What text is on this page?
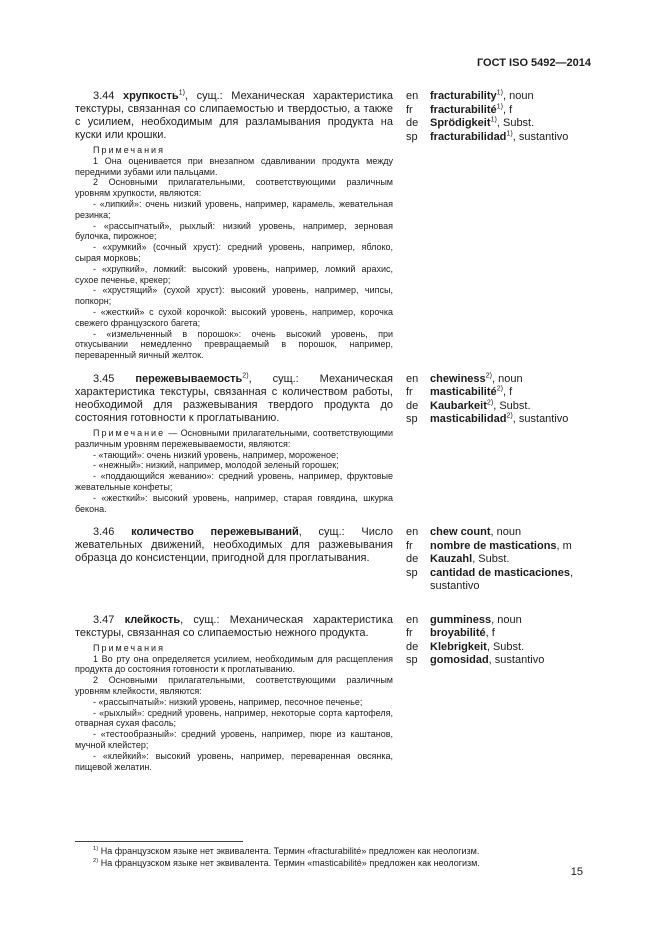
ГОСТ ISO 5492—2014

3.44 хрупкость$^{1)}$, сущ.: Механическая характеристика текстуры, связанная со слипаемостью и твердостью, а также с усилием, необходимым для разламывания продукта на куски или крошки.

Примечания

1 Она оценивается при внезапном сдавливании продукта между передними зубами или пальцами.

2 Основными прилагательными, соответствующими различным уровням хрупкости, являются:

- «липкий»: очень низкий уровень, например, карамель, жевательная резинка;

- «рассыпчатый», рыхлый: низкий уровень, например, зерновая булочка, пирожное;

- «хрумкий» (сочный хруст): средний уровень, например, яблоко, сырая морковь;

- «хрупкий», ломкий: высокий уровень, например, ломкий арахис, сухое печенье, крекер;

- «хрустящий» (сухой хруст): высокий уровень, например, чипсы, попкорн;

- «жесткий» с сухой корочкой: высокий уровень, например, корочка свежего французского багета;

- «измельченный в порошок»: очень высокий уровень, при откусывании немедленно превращаемый в порошок, например, переваренный яичный желток.

en	fracturability$^{1)}$, noun
fr	fracturabilité$^{1)}$, f
de	Sprödigkeit$^{1)}$, Subst.
sp	fracturabilidad$^{1)}$, sustantivo

3.45 пережевываемость$^{2)}$, сущ.: Механическая характеристика текстуры, связанная с количеством работы, необходимой для разжевывания твердого продукта до состояния готовности к проглатыванию.

Примечание — Основными прилагательными, соответствующими различным уровням пережевываемости, являются:

- «тающий»: очень низкий уровень, например, мороженое;

- «нежный»: низкий, например, молодой зеленый горошек;

- «поддающийся жеванию»: средний уровень, например, фруктовые жевательные конфеты;

- «жесткий»: высокий уровень, например, старая говядина, шкурка бекона.

en	chewiness$^{2)}$, noun
fr	masticabilité$^{2)}$, f
de	Kaubarkeit$^{2)}$, Subst.
sp	masticabilidad$^{2)}$, sustantivo

3.46 количество пережевываний, сущ.: Число жевательных движений, необходимых для разжевывания образца до консистенции, пригодной для проглатывания.

en	chew count, noun
fr	nombre de mastications, m
de	Kauzahl, Subst.
sp	cantidad de masticaciones, sustantivo

3.47 клейкость, сущ.: Механическая характеристика текстуры, связанная со слипаемостью нежного продукта.

Примечания

1 Во рту она определяется усилием, необходимым для расщепления продукта до состояния готовности к проглатыванию.

2 Основными прилагательными, соответствующими различным уровням клейкости, являются:

- «рассыпчатый»: низкий уровень, например, песочное печенье;

- «рыхлый»: средний уровень, например, некоторые сорта картофеля, отварная сухая фасоль;

- «тестообразный»: средний уровень, например, пюре из каштанов, мучной клейстер;

- «клейкий»: высокий уровень, например, переваренная овсянка, пищевой желатин.

en	gumminess, noun
fr	broyabilité, f
de	Klebrigkeit, Subst.
sp	gomosidad, sustantivo

$^{1)}$ На французском языке нет эквивалента. Термин «fracturabilité» предложен как неологизм.

$^{2)}$ На французском языке нет эквивалента. Термин «masticabilité» предложен как неологизм.

15
